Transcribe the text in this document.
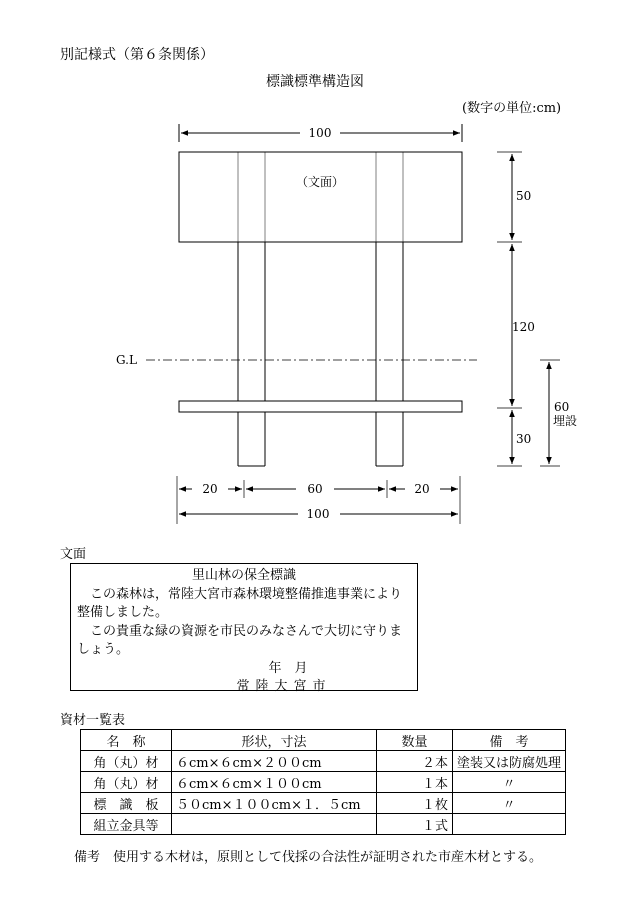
別記様式（第６条関係）
標識標準構造図
(数字の単位:cm)
100
（文面）
G.L
50
120
30
60
埋設
20	60	20
100
文面
里山林の保全標識

この森林は，常陸大宮市森林環境整備推進事業により整備しました。

この貴重な緑の資源を市民のみなさんで大切に守りましょう。

年　月
常陸大宮市
資材一覧表
名　称	形状，寸法	数量	備　考
角（丸）材	６cm×６cm×２００cm	２本	塗装又は防腐処理
角（丸）材	６cm×６cm×１００cm	１本	〃
標　識　板	５０cm×１００cm×１．５cm	１枚	〃
組立金具等		１式	
備考　使用する木材は，原則として伐採の合法性が証明された市産木材とする。
